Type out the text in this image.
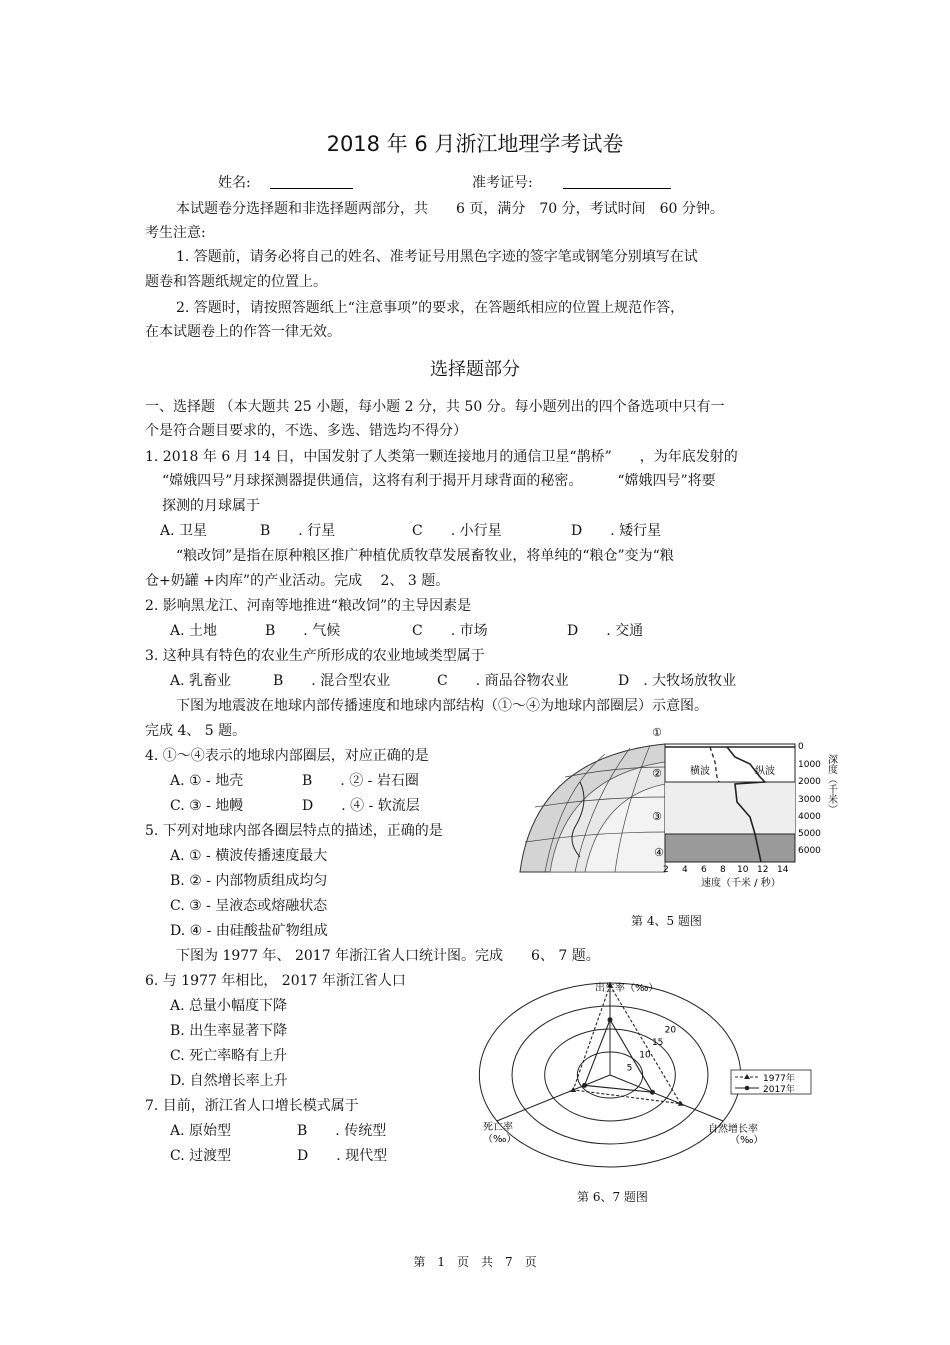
2018 年 6 月浙江地理学考试卷
姓名:	准考证号:
本试题卷分选择题和非选择题两部分，共　　6 页，满分　70 分，考试时间　60 分钟。
考生注意:
1. 答题前，请务必将自己的姓名、准考证号用黑色字迹的签字笔或钢笔分别填写在试
题卷和答题纸规定的位置上。
2. 答题时，请按照答题纸上“注意事项”的要求，在答题纸相应的位置上规范作答，
在本试题卷上的作答一律无效。
选择题部分
一、选择题 （本大题共 25 小题，每小题 2 分，共 50 分。每小题列出的四个备选项中只有一
个是符合题目要求的，不选、多选、错选均不得分）
1. 2018 年 6 月 14 日，中国发射了人类第一颗连接地月的通信卫星“鹊桥”　　，为年底发射的
“嫦娥四号”月球探测器提供通信，这将有利于揭开月球背面的秘密。　　　“嫦娥四号”将要
探测的月球属于
A. 卫星	B　　. 行星	C　　. 小行星	D　　. 矮行星
“粮改饲”是指在原种粮区推广种植优质牧草发展畜牧业，将单纯的“粮仓”变为“粮
仓+奶罐 +肉库”的产业活动。完成　 2、 3 题。
2. 影响黑龙江、河南等地推进“粮改饲”的主导因素是
A. 土地	B　　. 气候	C　　. 市场	D　　. 交通
3. 这种具有特色的农业生产所形成的农业地域类型属于
A. 乳畜业	B　　. 混合型农业	C　　. 商品谷物农业	D　. 大牧场放牧业
下图为地震波在地球内部传播速度和地球内部结构（①～④为地球内部圈层）示意图。
完成 4、 5 题。
4. ①～④表示的地球内部圈层，对应正确的是
A. ① - 地壳	B　　. ② - 岩石圈
C. ③ - 地幔	D　　. ④ - 软流层
5. 下列对地球内部各圈层特点的描述，正确的是
A. ① - 横波传播速度最大
B. ② - 内部物质组成均匀
C. ③ - 呈液态或熔融状态
D. ④ - 由硅酸盐矿物组成
①
②
③
④
横波	纵波
0
1000
2000
3000
4000
5000
6000
深度（千米）
2 4 6 8 10 12 14
速度（千米 / 秒）
第 4、5 题图
下图为 1977 年、 2017 年浙江省人口统计图。完成　　6、 7 题。
6. 与 1977 年相比， 2017 年浙江省人口
A. 总量小幅度下降
B. 出生率显著下降
C. 死亡率略有上升
D. 自然增长率上升
7. 目前，浙江省人口增长模式属于
A. 原始型	B　　. 传统型
C. 过渡型	D　　. 现代型
5
10
15
20
出生率（‰）
死亡率
（‰）
自然增长率
（‰）
1977年
2017年
第 6、7 题图
第　1　页　共　7　页
